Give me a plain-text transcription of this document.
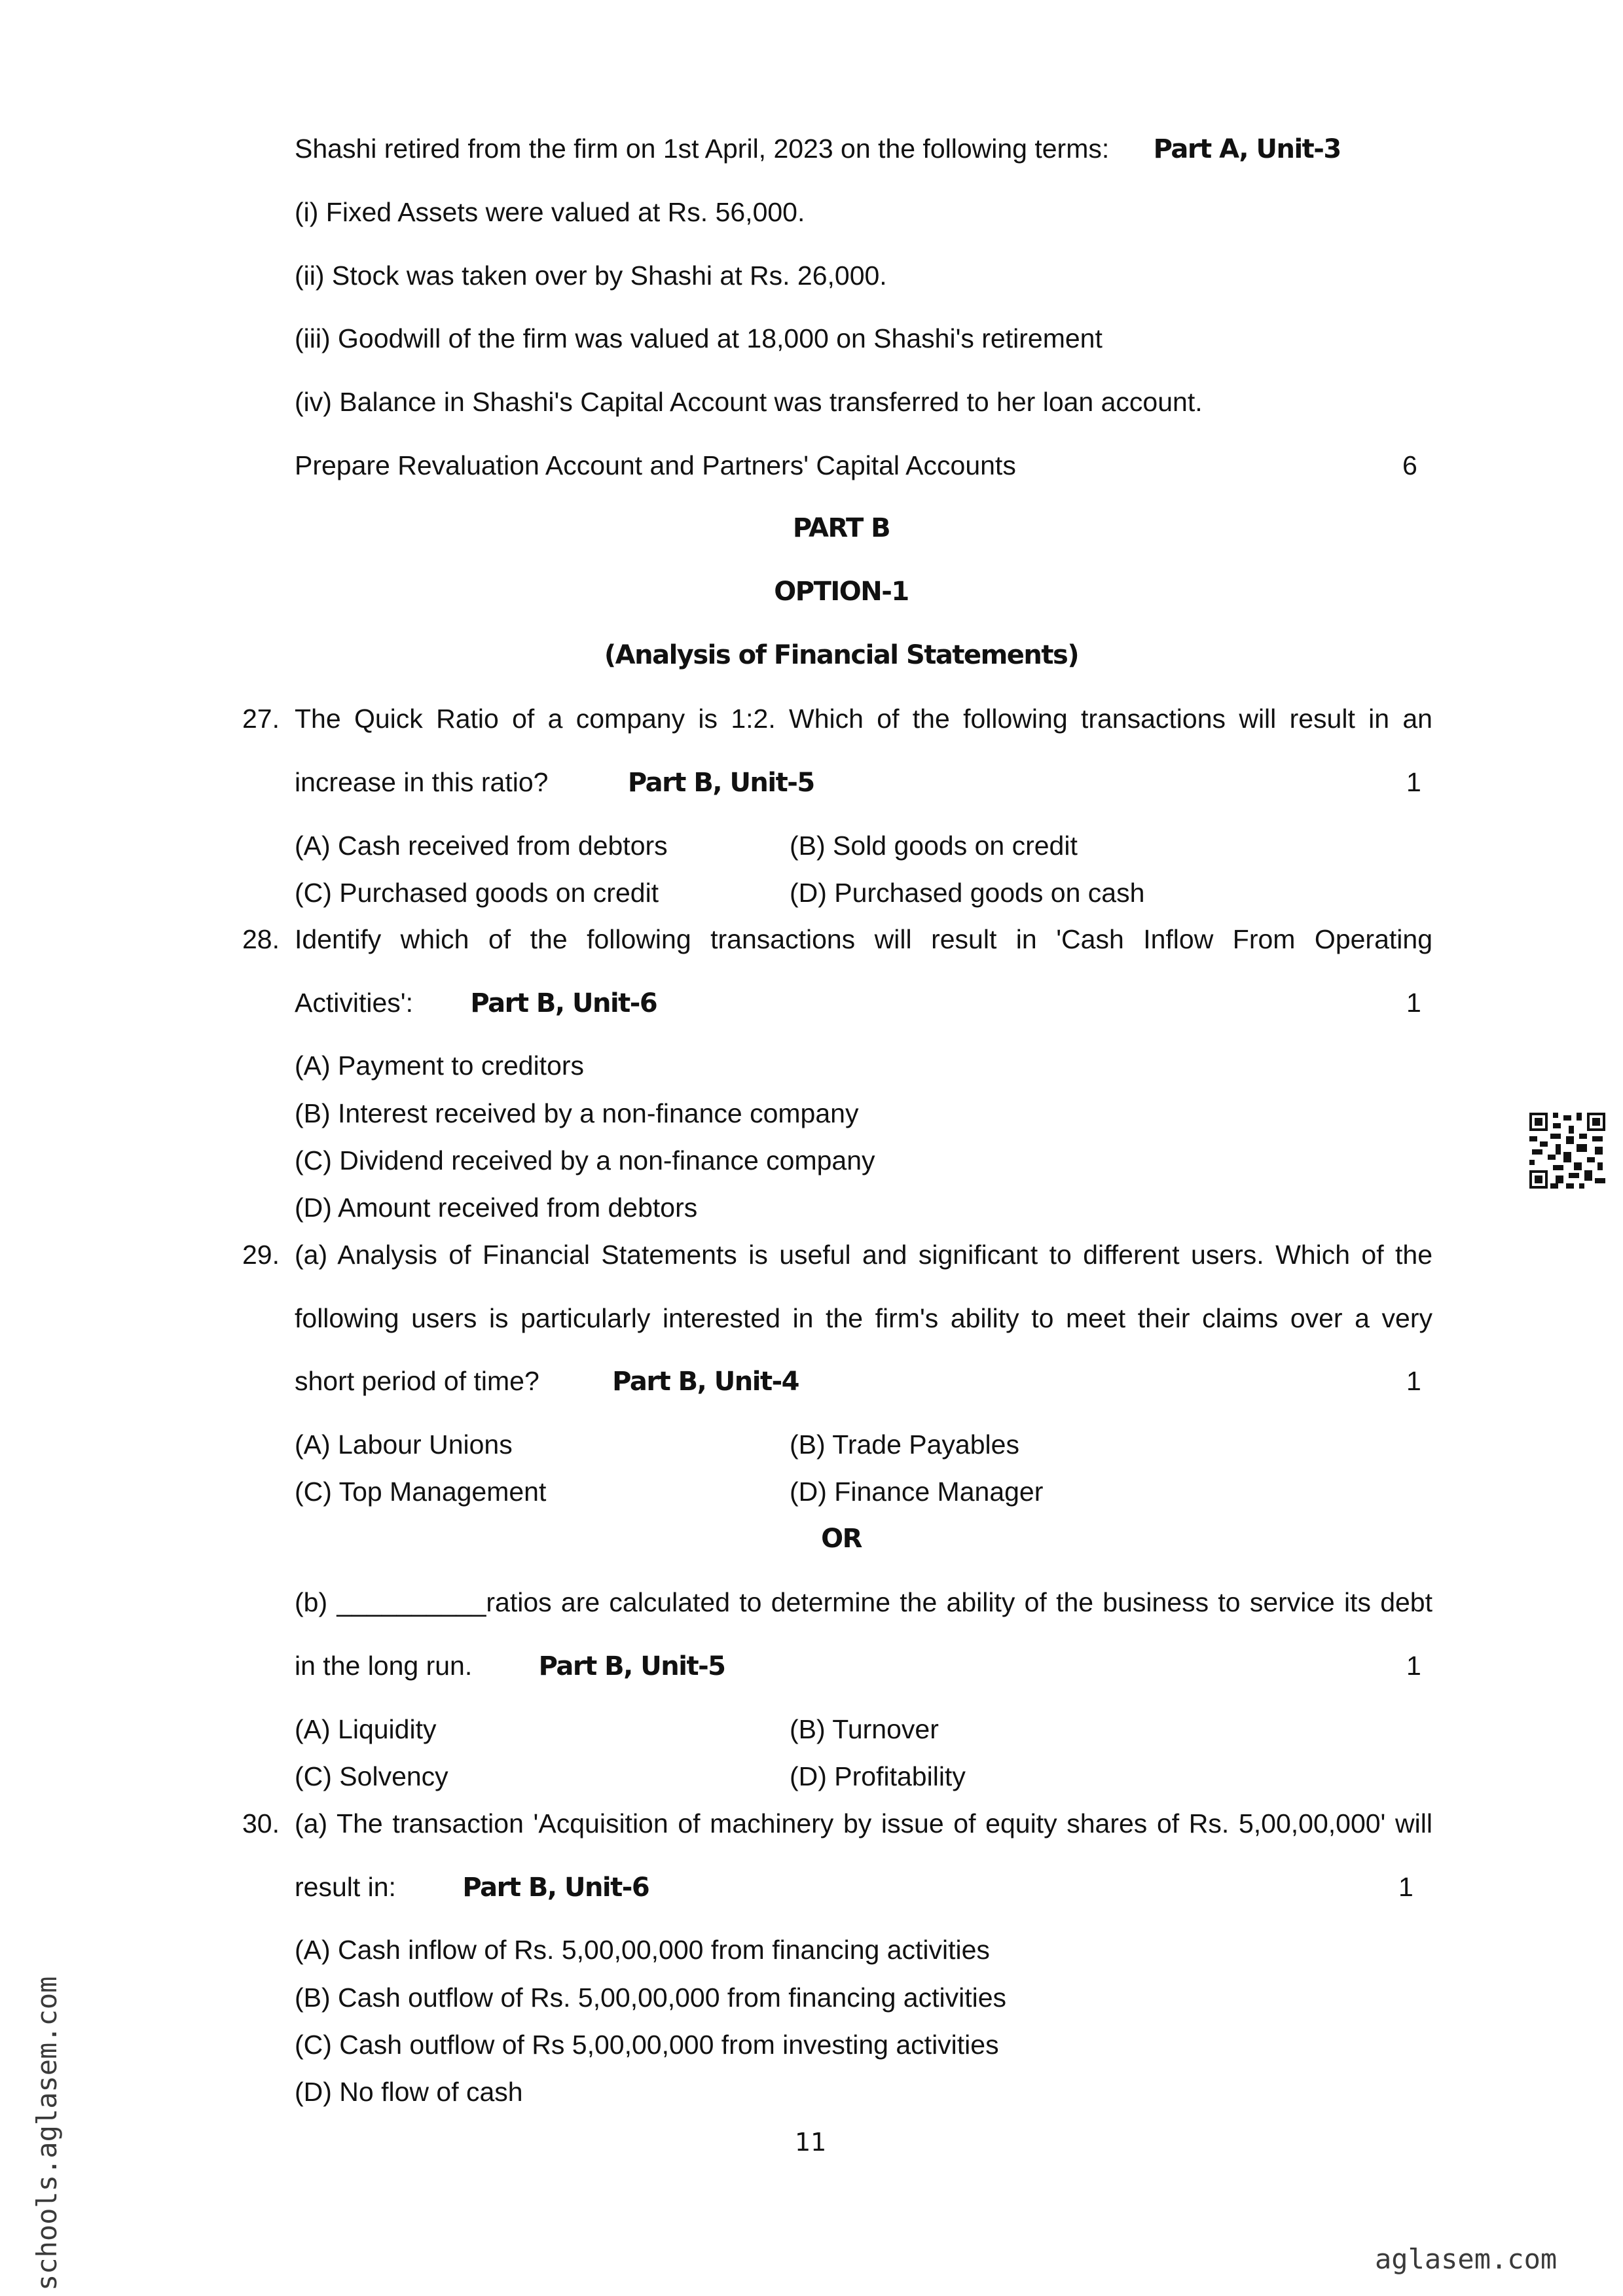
Shashi retired from the firm on 1st April, 2023 on the following terms: Part A, Unit-3
(i) Fixed Assets were valued at Rs. 56,000.
(ii) Stock was taken over by Shashi at Rs. 26,000.
(iii) Goodwill of the firm was valued at 18,000 on Shashi's retirement
(iv) Balance in Shashi's Capital Account was transferred to her loan account.
Prepare Revaluation Account and Partners' Capital Accounts	6
PART B
OPTION-1
(Analysis of Financial Statements)
27. The Quick Ratio of a company is 1:2. Which of the following transactions will result in an
increase in this ratio?	Part B, Unit-5	1
(A) Cash received from debtors	(B) Sold goods on credit
(C) Purchased goods on credit	(D) Purchased goods on cash
28. Identify which of the following transactions will result in 'Cash Inflow From Operating
Activities': Part B, Unit-6	1
(A) Payment to creditors
(B) Interest received by a non-finance company
(C) Dividend received by a non-finance company
(D) Amount received from debtors
29. (a) Analysis of Financial Statements is useful and significant to different users. Which of the
following users is particularly interested in the firm's ability to meet their claims over a very
short period of time?	Part B, Unit-4	1
(A) Labour Unions	(B) Trade Payables
(C) Top Management	(D) Finance Manager
OR
(b) __________ratios are calculated to determine the ability of the business to service its debt
in the long run.	Part B, Unit-5	1
(A) Liquidity	(B) Turnover
(C) Solvency	(D) Profitability
30. (a) The transaction 'Acquisition of machinery by issue of equity shares of Rs. 5,00,00,000' will
result in:	Part B, Unit-6	1
(A) Cash inflow of Rs. 5,00,00,000 from financing activities
(B) Cash outflow of Rs. 5,00,00,000 from financing activities
(C) Cash outflow of Rs 5,00,00,000 from investing activities
(D) No flow of cash
11
schools.aglasem.com	aglasem.com
